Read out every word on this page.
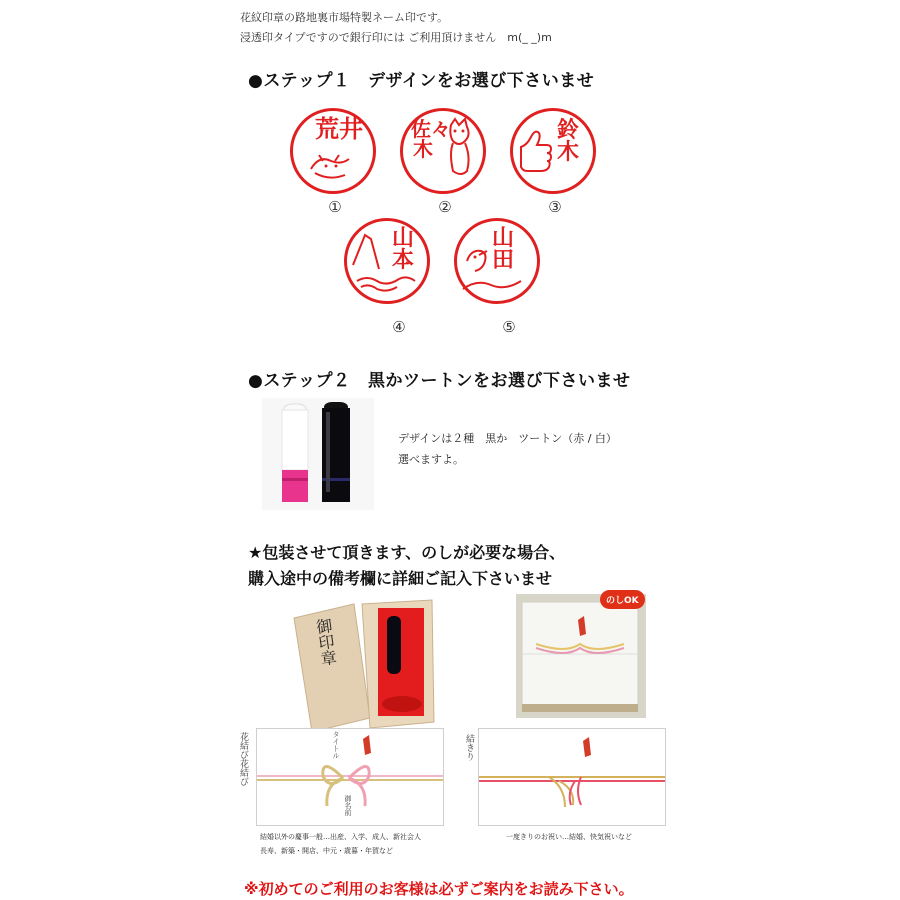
花紋印章の路地裏市場特製ネーム印です。
浸透印タイプですので銀行印には ご利用頂けません　m(_ _)m
●ステップ１　デザインをお選び下さいませ
荒井
①
佐々木
②
鈴木
③
山本
④
山田
⑤
●ステップ２　黒かツートンをお選び下さいませ
デザインは２種　黒か　ツートン（赤 / 白）
選べますよ。
★包装させて頂きます、のしが必要な場合、
購入途中の備考欄に詳細ご記入下さいませ
御印章
のしOK
花結び花結び	タイトル
御名前
結婚以外の慶事一般…出産、入学、成人、新社会人
長寿、新築・開店、中元・歳暮・年賀など
結きり
一度きりのお祝い…結婚、快気祝いなど
※初めてのご利用のお客様は必ずご案内をお読み下さい。
